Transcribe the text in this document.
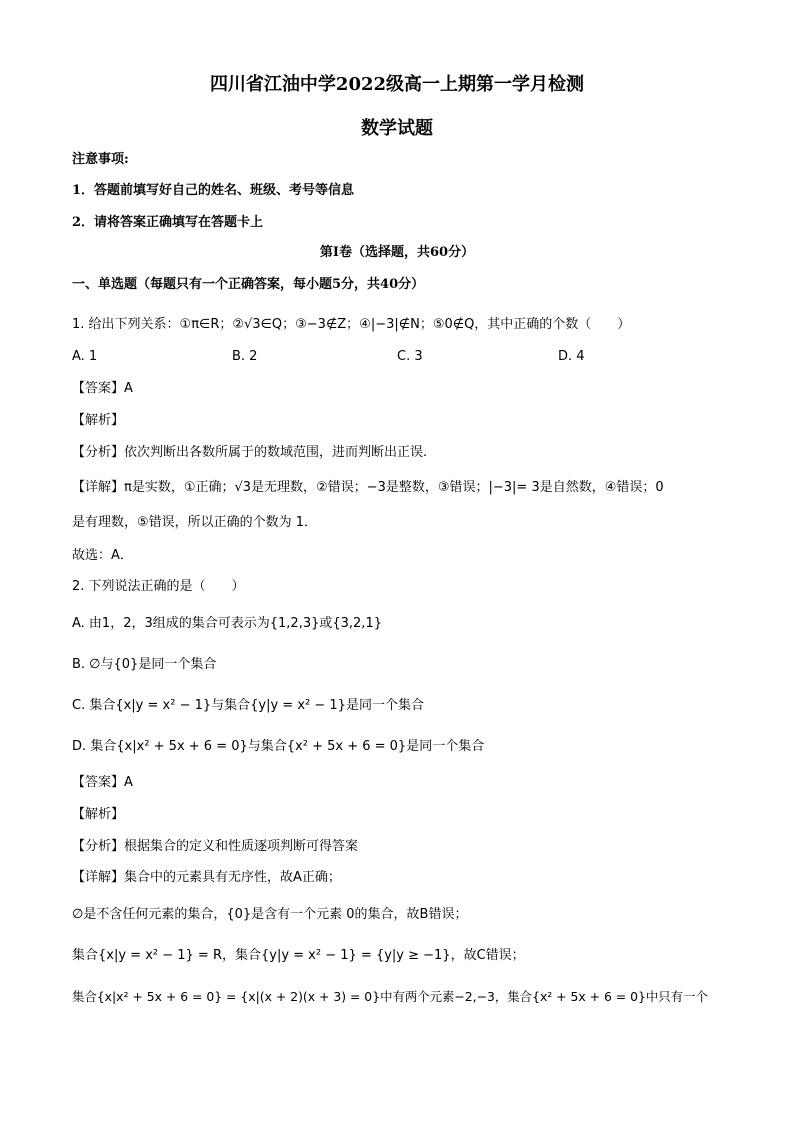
四川省江油中学2022级高一上期第一学月检测
数学试题
注意事项:
1．答题前填写好自己的姓名、班级、考号等信息
2．请将答案正确填写在答题卡上
第I卷（选择题，共60分）
一、单选题（每题只有一个正确答案，每小题5分，共40分）
1. 给出下列关系：①π∈R；②√3∈Q；③−3∉Z；④|−3|∉N；⑤0∉Q，其中正确的个数（　　）
A. 1	B. 2	C. 3	D. 4
【答案】A
【解析】
【分析】依次判断出各数所属于的数域范围，进而判断出正误.
【详解】π是实数，①正确；√3是无理数，②错误；−3是整数，③错误；|−3|= 3是自然数，④错误；0
是有理数，⑤错误，所以正确的个数为 1．
故选：A．
2. 下列说法正确的是（　　）
A. 由1，2，3组成的集合可表示为{1,2,3}或{3,2,1}
B. ∅与{0}是同一个集合
C. 集合{x|y = x² − 1}与集合{y|y = x² − 1}是同一个集合
D. 集合{x|x² + 5x + 6 = 0}与集合{x² + 5x + 6 = 0}是同一个集合
【答案】A
【解析】
【分析】根据集合的定义和性质逐项判断可得答案
【详解】集合中的元素具有无序性，故A正确；
∅是不含任何元素的集合，{0}是含有一个元素 0的集合，故B错误；
集合{x|y = x² − 1} = R，集合{y|y = x² − 1} = {y|y ≥ −1}，故C错误；
集合{x|x² + 5x + 6 = 0} = {x|(x + 2)(x + 3) = 0}中有两个元素−2,−3，集合{x² + 5x + 6 = 0}中只有一个
